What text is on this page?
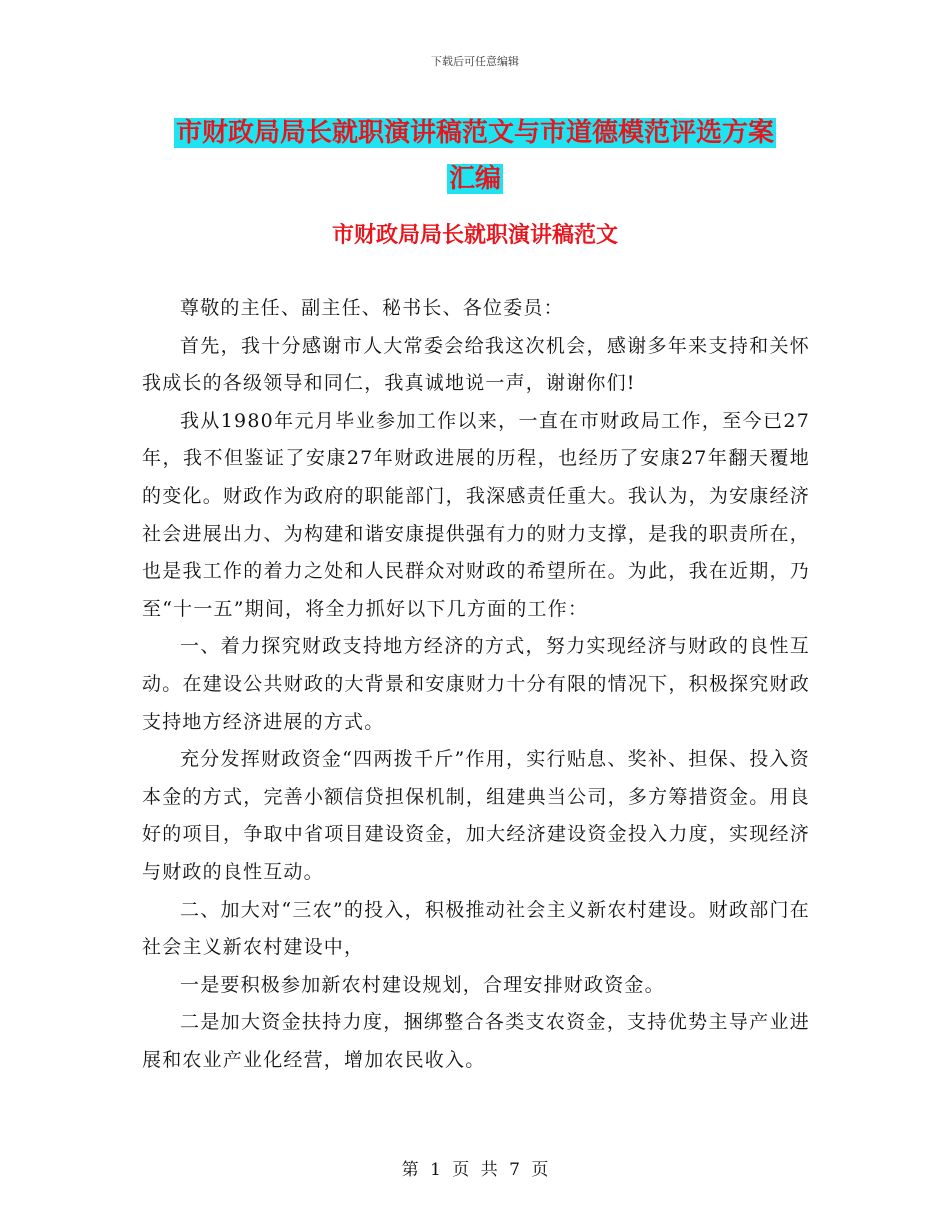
下载后可任意编辑
市财政局局长就职演讲稿范文与市道德模范评选方案
汇编
市财政局局长就职演讲稿范文

尊敬的主任、副主任、秘书长、各位委员：

首先，我十分感谢市人大常委会给我这次机会，感谢多年来支持和关怀我成长的各级领导和同仁，我真诚地说一声，谢谢你们!

我从1980年元月毕业参加工作以来，一直在市财政局工作，至今已27年，我不但鉴证了安康27年财政进展的历程，也经历了安康27年翻天覆地的变化。财政作为政府的职能部门，我深感责任重大。我认为，为安康经济社会进展出力、为构建和谐安康提供强有力的财力支撑，是我的职责所在，也是我工作的着力之处和人民群众对财政的希望所在。为此，我在近期，乃至“十一五”期间，将全力抓好以下几方面的工作：

一、着力探究财政支持地方经济的方式，努力实现经济与财政的良性互动。在建设公共财政的大背景和安康财力十分有限的情况下，积极探究财政支持地方经济进展的方式。

充分发挥财政资金“四两拨千斤”作用，实行贴息、奖补、担保、投入资本金的方式，完善小额信贷担保机制，组建典当公司，多方筹措资金。用良好的项目，争取中省项目建设资金，加大经济建设资金投入力度，实现经济与财政的良性互动。

二、加大对“三农”的投入，积极推动社会主义新农村建设。财政部门在社会主义新农村建设中，

一是要积极参加新农村建设规划，合理安排财政资金。

二是加大资金扶持力度，捆绑整合各类支农资金，支持优势主导产业进展和农业产业化经营，增加农民收入。

第 1 页 共 7 页
